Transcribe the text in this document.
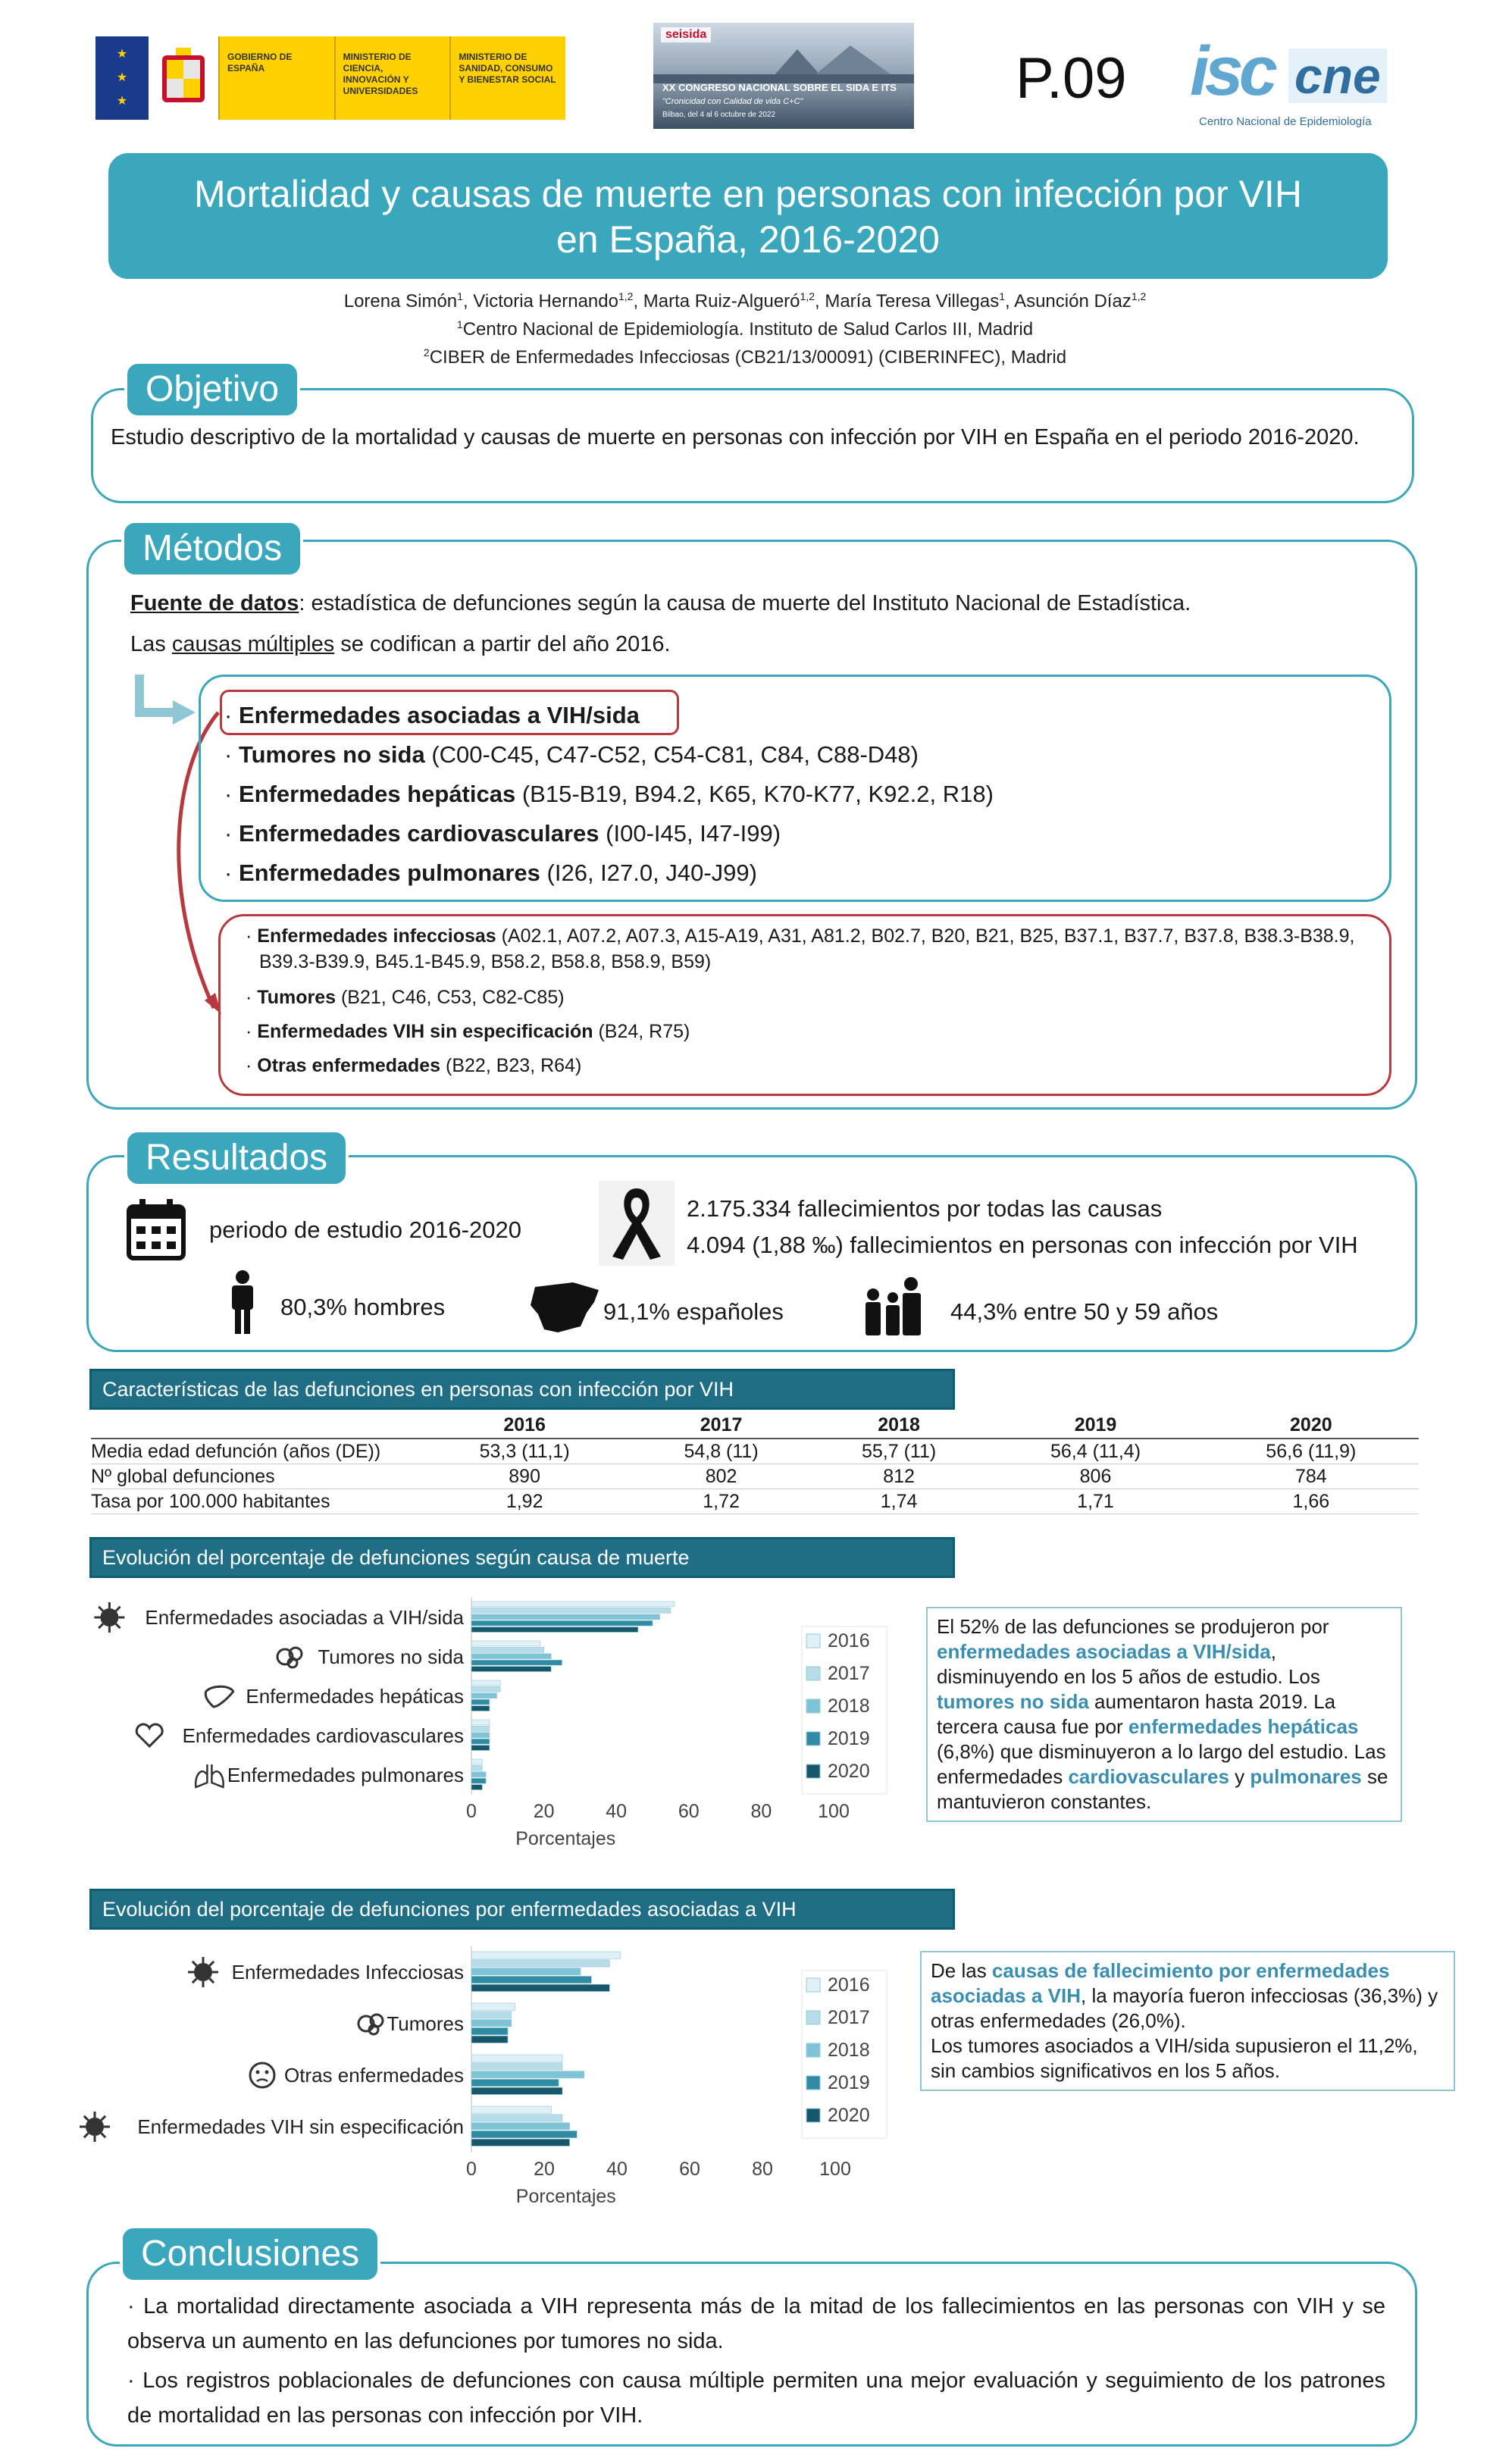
★
★
★
GOBIERNO DE ESPAÑA
MINISTERIO DE CIENCIA, INNOVACIÓN Y UNIVERSIDADES
MINISTERIO DE SANIDAD, CONSUMO Y BIENESTAR SOCIAL
seisida
XX CONGRESO NACIONAL SOBRE EL SIDA E ITS
"Cronicidad con Calidad de vida C+C"
Bilbao, del 4 al 6 octubre de 2022
P.09 isc cne
Centro Nacional de Epidemiología
Mortalidad y causas de muerte en personas con infección por VIH
en España, 2016-2020
Lorena Simón$^1$, Victoria Hernando$^{1,2}$, Marta Ruiz-Algueró$^{1,2}$, María Teresa Villegas$^1$, Asunción Díaz$^{1,2}$
$^1$Centro Nacional de Epidemiología. Instituto de Salud Carlos III, Madrid
$^2$CIBER de Enfermedades Infecciosas (CB21/13/00091) (CIBERINFEC), Madrid
Objetivo
Estudio descriptivo de la mortalidad y causas de muerte en personas con infección por VIH en España en el periodo 2016-2020.
Métodos
Fuente de datos: estadística de defunciones según la causa de muerte del Instituto Nacional de Estadística.
Las causas múltiples se codifican a partir del año 2016.
· Enfermedades asociadas a VIH/sida
· Tumores no sida (C00-C45, C47-C52, C54-C81, C84, C88-D48)
· Enfermedades hepáticas (B15-B19, B94.2, K65, K70-K77, K92.2, R18)
· Enfermedades cardiovasculares (I00-I45, I47-I99)
· Enfermedades pulmonares (I26, I27.0, J40-J99)
· Enfermedades infecciosas (A02.1, A07.2, A07.3, A15-A19, A31, A81.2, B02.7, B20, B21, B25, B37.1, B37.7, B37.8, B38.3-B38.9, B39.3-B39.9, B45.1-B45.9, B58.2, B58.8, B58.9, B59)
· Tumores (B21, C46, C53, C82-C85)
· Enfermedades VIH sin especificación (B24, R75)
· Otras enfermedades (B22, B23, R64)
Resultados
periodo de estudio 2016-2020
2.175.334 fallecimientos por todas las causas
4.094 (1,88 ‰) fallecimientos en personas con infección por VIH
80,3% hombres	91,1% españoles	44,3% entre 50 y 59 años
Características de las defunciones en personas con infección por VIH
	2016	2017	2018	2019	2020
Media edad defunción (años (DE))	53,3 (11,1)	54,8 (11)	55,7 (11)	56,4 (11,4)	56,6 (11,9)
Nº global defunciones	890	802	812	806	784
Tasa por 100.000 habitantes	1,92	1,72	1,74	1,71	1,66
Evolución del porcentaje de defunciones según causa de muerte
Enfermedades asociadas a VIH/sida
Tumores no sida
Enfermedades hepáticas
Enfermedades cardiovasculares
Enfermedades pulmonares
0	20	40	60	80 100
Porcentajes
2016
2017
2018
2019
2020
El 52% de las defunciones se produjeron por enfermedades asociadas a VIH/sida, disminuyendo en los 5 años de estudio. Los tumores no sida aumentaron hasta 2019. La tercera causa fue por enfermedades hepáticas (6,8%) que disminuyeron a lo largo del estudio. Las enfermedades cardiovasculares y pulmonares se mantuvieron constantes.
Evolución del porcentaje de defunciones por enfermedades asociadas a VIH
Enfermedades Infecciosas
Tumores
Otras enfermedades
Enfermedades VIH sin especificación
0	20	40	60	80 100
Porcentajes
2016
2017
2018
2019
2020
De las causas de fallecimiento por enfermedades asociadas a VIH, la mayoría fueron infecciosas (36,3%) y otras enfermedades (26,0%).
Los tumores asociados a VIH/sida supusieron el 11,2%, sin cambios significativos en los 5 años.
Conclusiones
· La mortalidad directamente asociada a VIH representa más de la mitad de los fallecimientos en las personas con VIH y se observa un aumento en las defunciones por tumores no sida.
· Los registros poblacionales de defunciones con causa múltiple permiten una mejor evaluación y seguimiento de los patrones de mortalidad en las personas con infección por VIH.
